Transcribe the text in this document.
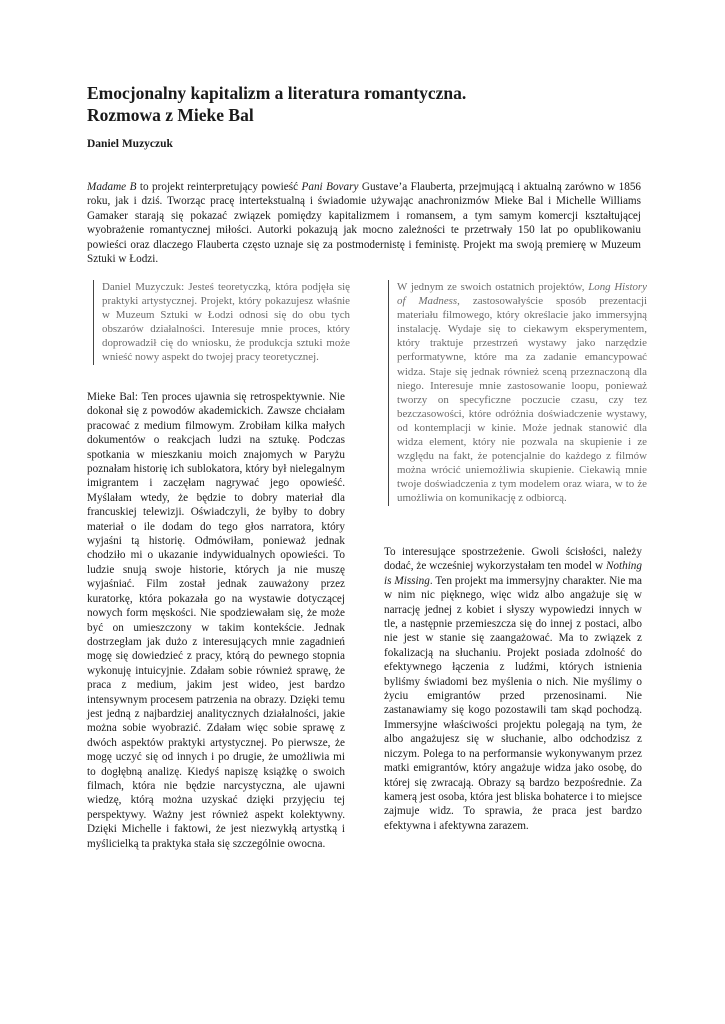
Emocjonalny kapitalizm a literatura romantyczna.
Rozmowa z Mieke Bal

Daniel Muzyczuk

Madame B to projekt reinterpretujący powieść Pani Bovary Gustave’a Flauberta, przejmującą i aktualną zarówno w 1856 roku, jak i dziś. Tworząc pracę intertekstualną i świadomie używając anachronizmów Mieke Bal i Michelle Williams Gamaker starają się pokazać związek pomiędzy kapitalizmem i romansem, a tym samym komercji kształtującej wyobrażenie romantycznej miłości. Autorki pokazują jak mocno zależności te przetrwały 150 lat po opublikowaniu powieści oraz dlaczego Flauberta często uznaje się za postmodernistę i feministę. Projekt ma swoją premierę w Muzeum Sztuki w Łodzi.

Daniel Muzyczuk: Jesteś teoretyczką, która podjęła się praktyki artystycznej. Projekt, który pokazujesz właśnie w Muzeum Sztuki w Łodzi odnosi się do obu tych obszarów działalności. Interesuje mnie proces, który doprowadził cię do wniosku, że produkcja sztuki może wnieść nowy aspekt do twojej pracy teoretycznej.

Mieke Bal: Ten proces ujawnia się retrospektywnie. Nie dokonał się z powodów akademickich. Zawsze chciałam pracować z medium filmowym. Zrobiłam kilka małych dokumentów o reakcjach ludzi na sztukę. Podczas spotkania w mieszkaniu moich znajomych w Paryżu poznałam historię ich sublokatora, który był nielegalnym imigrantem i zaczęłam nagrywać jego opowieść. Myślałam wtedy, że będzie to dobry materiał dla francuskiej telewizji. Oświadczyli, że byłby to dobry materiał o ile dodam do tego głos narratora, który wyjaśni tą historię. Odmówiłam, ponieważ jednak chodziło mi o ukazanie indywidualnych opowieści. To ludzie snują swoje historie, których ja nie muszę wyjaśniać. Film został jednak zauważony przez kuratorkę, która pokazała go na wystawie dotyczącej nowych form męskości. Nie spodziewałam się, że może być on umieszczony w takim kontekście. Jednak dostrzegłam jak dużo z interesujących mnie zagadnień mogę się dowiedzieć z pracy, którą do pewnego stopnia wykonuję intuicyjnie. Zdałam sobie również sprawę, że praca z medium, jakim jest wideo, jest bardzo intensywnym procesem patrzenia na obrazy. Dzięki temu jest jedną z najbardziej analitycznych działalności, jakie można sobie wyobrazić. Zdałam więc sobie sprawę z dwóch aspektów praktyki artystycznej. Po pierwsze, że mogę uczyć się od innych i po drugie, że umożliwia mi to dogłębną analizę. Kiedyś napiszę książkę o swoich filmach, która nie będzie narcystyczna, ale ujawni wiedzę, którą można uzyskać dzięki przyjęciu tej perspektywy. Ważny jest również aspekt kolektywny. Dzięki Michelle i faktowi, że jest niezwykłą artystką i myślicielką ta praktyka stała się szczególnie owocna.

W jednym ze swoich ostatnich projektów, Long History of Madness, zastosowałyście sposób prezentacji materiału filmowego, który określacie jako immersyjną instalację. Wydaje się to ciekawym eksperymentem, który traktuje przestrzeń wystawy jako narzędzie performatywne, które ma za zadanie emancypować widza. Staje się jednak również sceną przeznaczoną dla niego. Interesuje mnie zastosowanie loopu, ponieważ tworzy on specyficzne poczucie czasu, czy tez bezczasowości, które odróżnia doświadczenie wystawy, od kontemplacji w kinie. Może jednak stanowić dla widza element, który nie pozwala na skupienie i ze względu na fakt, że potencjalnie do każdego z filmów można wrócić uniemożliwia skupienie. Ciekawią mnie twoje doświadczenia z tym modelem oraz wiara, w to że umożliwia on komunikację z odbiorcą.

To interesujące spostrzeżenie. Gwoli ścisłości, należy dodać, że wcześniej wykorzystałam ten model w Nothing is Missing. Ten projekt ma immersyjny charakter. Nie ma w nim nic pięknego, więc widz albo angażuje się w narrację jednej z kobiet i słyszy wypowiedzi innych w tle, a następnie przemieszcza się do innej z postaci, albo nie jest w stanie się zaangażować. Ma to związek z fokalizacją na słuchaniu. Projekt posiada zdolność do efektywnego łączenia z ludźmi, których istnienia byliśmy świadomi bez myślenia o nich. Nie myślimy o życiu emigrantów przed przenosinami. Nie zastanawiamy się kogo pozostawili tam skąd pochodzą. Immersyjne właściwości projektu polegają na tym, że albo angażujesz się w słuchanie, albo odchodzisz z niczym. Polega to na performansie wykonywanym przez matki emigrantów, który angażuje widza jako osobę, do której się zwracają. Obrazy są bardzo bezpośrednie. Za kamerą jest osoba, która jest bliska bohaterce i to miejsce zajmuje widz. To sprawia, że praca jest bardzo efektywna i afektywna zarazem.
